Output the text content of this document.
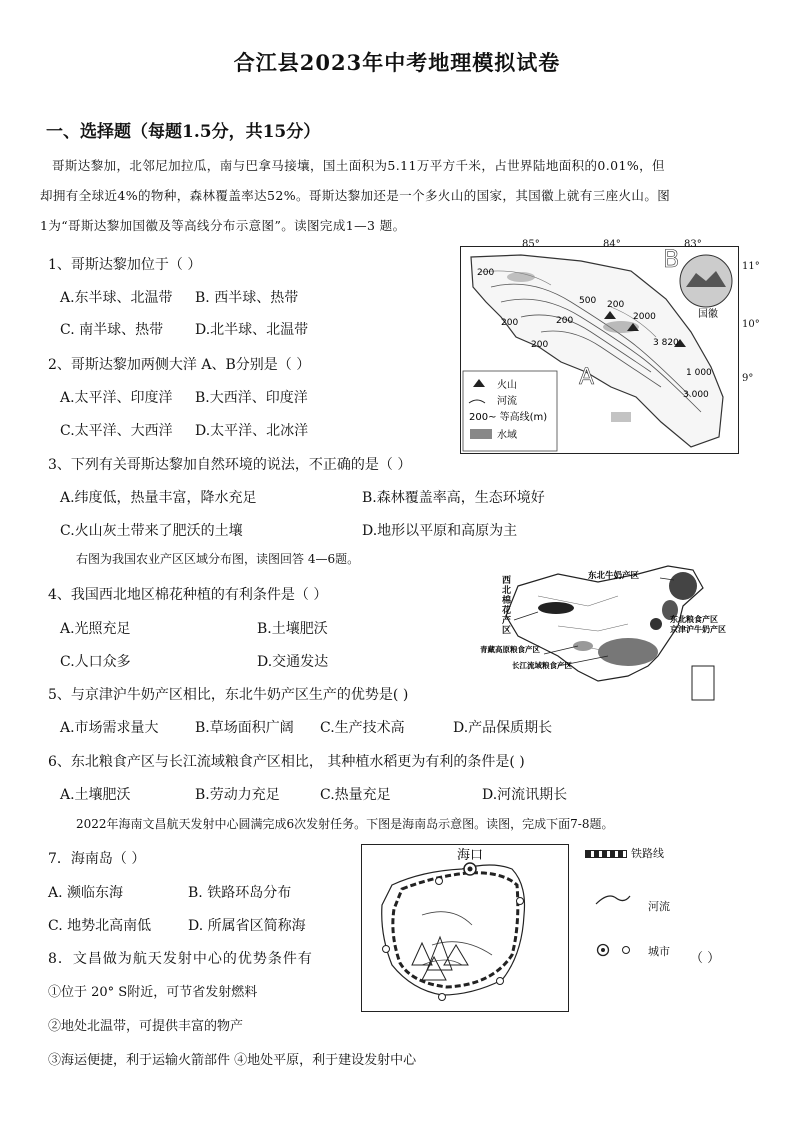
合江县2023年中考地理模拟试卷
一、选择题（每题1.5分，共15分）
哥斯达黎加，北邻尼加拉瓜，南与巴拿马接壤，国土面积为5.11万平方千米，占世界陆地面积的0.01%，但
却拥有全球近4%的物种，森林覆盖率达52%。哥斯达黎加还是一个多火山的国家，其国徽上就有三座火山。图
1为“哥斯达黎加国徽及等高线分布示意图”。读图完成1—3 题。
1、哥斯达黎加位于（ ）
A.东半球、北温带 B. 西半球、热带
C. 南半球、热带 D.北半球、北温带
2、哥斯达黎加两侧大洋 A、B分别是（ ）
A.太平洋、印度洋 B.大西洋、印度洋
C.太平洋、大西洋 D.太平洋、北冰洋
国徽
B
A
200
200
500 200
200	2000
3 820
200
1 000
3 000
火山
河流
200~ 等高线(m)
水域
85°	84°	83°
11°
10°
9°
3、下列有关哥斯达黎加自然环境的说法，不正确的是（ ）
A.纬度低，热量丰富，降水充足	B.森林覆盖率高，生态环境好
C.火山灰土带来了肥沃的土壤	D.地形以平原和高原为主
右图为我国农业产区区域分布图，读图回答 4—6题。
东北牛奶产区
东北粮食产区
京津沪牛奶产区
青藏高原粮食产区
长江流域粮食产区
西北棉花产区
4、我国西北地区棉花种植的有利条件是（ ）
A.光照充足	B.土壤肥沃
C.人口众多	D.交通发达
5、与京津沪牛奶产区相比，东北牛奶产区生产的优势是( )
A.市场需求量大	B.草场面积广阔 C.生产技术高	D.产品保质期长
6、东北粮食产区与长江流域粮食产区相比， 其种植水稻更为有利的条件是( )
A.土壤肥沃	B.劳动力充足	C.热量充足	D.河流讯期长
2022年海南文昌航天发射中心圆满完成6次发射任务。下图是海南岛示意图。读图，完成下面7-8题。
海口	铁路线
河流
城市
7．海南岛（ ）
A. 濒临东海	B. 铁路环岛分布
C. 地势北高南低	D. 所属省区简称海
8．文昌做为航天发射中心的优势条件有	（ ）
①位于 20° S附近，可节省发射燃料
②地处北温带，可提供丰富的物产
③海运便捷，利于运输火箭部件 ④地处平原，利于建设发射中心
